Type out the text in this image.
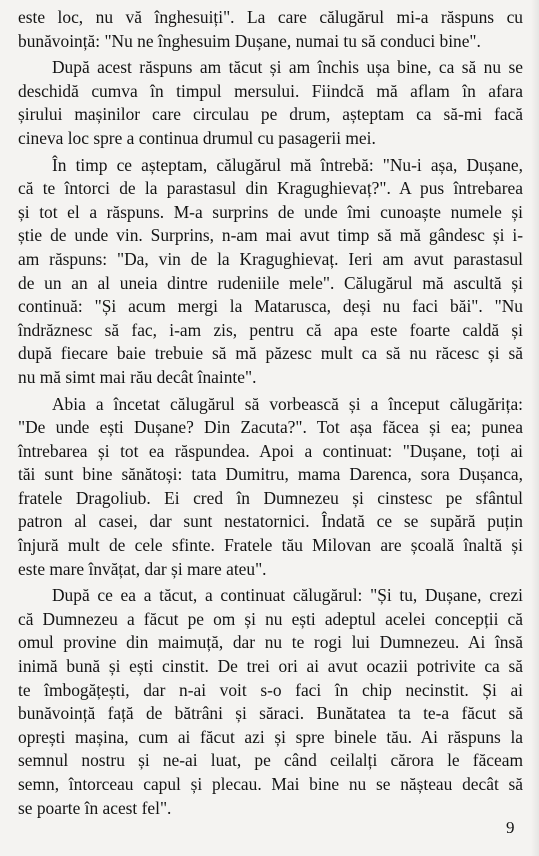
este loc, nu vă înghesuiți". La care călugărul mi-a răspuns cu
bunăvoință: "Nu ne înghesuim Dușane, numai tu să conduci bine".
După acest răspuns am tăcut și am închis ușa bine, ca să nu se
deschidă cumva în timpul mersului. Fiindcă mă aflam în afara
șirului mașinilor care circulau pe drum, așteptam ca să-mi facă
cineva loc spre a continua drumul cu pasagerii mei.
În timp ce așteptam, călugărul mă întrebă: "Nu-i așa, Dușane,
că te întorci de la parastasul din Kragughievaț?". A pus întrebarea
și tot el a răspuns. M-a surprins de unde îmi cunoaște numele și
știe de unde vin. Surprins, n-am mai avut timp să mă gândesc și i-
am răspuns: "Da, vin de la Kragughievaț. Ieri am avut parastasul
de un an al uneia dintre rudeniile mele". Călugărul mă ascultă și
continuă: "Și acum mergi la Matarusca, deși nu faci băi". "Nu
îndrăznesc să fac, i-am zis, pentru că apa este foarte caldă și
după fiecare baie trebuie să mă păzesc mult ca să nu răcesc și să
nu mă simt mai rău decât înainte".
Abia a încetat călugărul să vorbească și a început călugărița:
"De unde ești Dușane? Din Zacuta?". Tot așa făcea și ea; punea
întrebarea și tot ea răspundea. Apoi a continuat: "Dușane, toți ai
tăi sunt bine sănătoși: tata Dumitru, mama Darenca, sora Dușanca,
fratele Dragoliub. Ei cred în Dumnezeu și cinstesc pe sfântul
patron al casei, dar sunt nestatornici. Îndată ce se supără puțin
înjură mult de cele sfinte. Fratele tău Milovan are școală înaltă și
este mare învățat, dar și mare ateu".
După ce ea a tăcut, a continuat călugărul: "Și tu, Dușane, crezi
că Dumnezeu a făcut pe om și nu ești adeptul acelei concepții că
omul provine din maimuță, dar nu te rogi lui Dumnezeu. Ai însă
inimă bună și ești cinstit. De trei ori ai avut ocazii potrivite ca să
te îmbogățești, dar n-ai voit s-o faci în chip necinstit. Și ai
bunăvoință față de bătrâni și săraci. Bunătatea ta te-a făcut să
oprești mașina, cum ai făcut azi și spre binele tău. Ai răspuns la
semnul nostru și ne-ai luat, pe când ceilalți cărora le făceam
semn, întorceau capul și plecau. Mai bine nu se nășteau decât să
se poarte în acest fel".
9
